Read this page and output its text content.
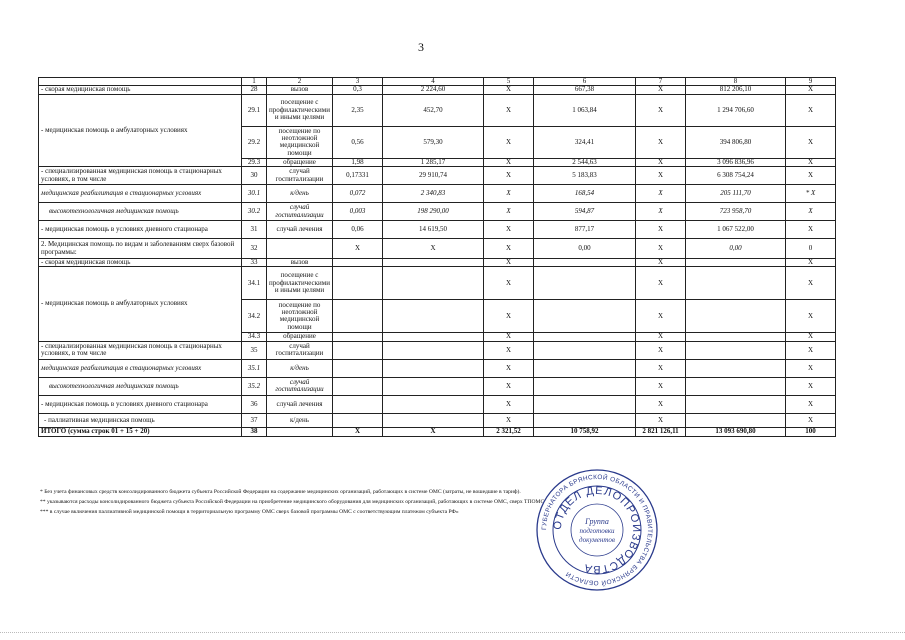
3
	1	2	3	4	5	6	7	8	9
- скорая медицинская помощь	28	вызов	0,3	2 224,60	X	667,38	X	812 206,10	X
- медицинская помощь в амбулаторных условиях	29.1	посещение с профилактическими и иными целями	2,35	452,70	X	1 063,84	X	1 294 706,60	X
	29.2	посещение по неотложной медицинской помощи	0,56	579,30	X	324,41	X	394 806,80	X
	29.3	обращение	1,98	1 285,17	X	2 544,63	X	3 096 836,96	X
- специализированная медицинская помощь в стационарных условиях, в том числе	30	случай госпитализации	0,17331	29 910,74	X	5 183,83	X	6 308 754,24	X
медицинская реабилитация в стационарных условиях	30.1	к/день	0,072	2 340,83	X	168,54	X	205 111,70	* X
высокотехнологичная медицинская помощь	30.2	случай госпитализации	0,003	198 290,00	X	594,87	X	723 958,70	X
- медицинская помощь в условиях дневного стационара	31	случай лечения	0,06	14 619,50	X	877,17	X	1 067 522,00	X
2. Медицинская помощь по видам и заболеваниям сверх базовой программы:	32		X	X	X	0,00	X	0,00	0
- скорая медицинская помощь	33	вызов			X		X		X
- медицинская помощь в амбулаторных условиях	34.1	посещение с профилактическими и иными целями			X		X		X
	34.2	посещение по неотложной медицинской помощи			X		X		X
	34.3	обращение			X		X		X
- специализированная медицинская помощь в стационарных условиях, в том числе	35	случай госпитализации			X		X		X
медицинская реабилитация в стационарных условиях	35.1	к/день			X		X		X
высокотехнологичная медицинская помощь	35.2	случай госпитализации			X		X		X
- медицинская помощь в условиях дневного стационара	36	случай лечения			X		X		X
- паллиативная медицинская помощь	37	к/день			X		X		X
ИТОГО (сумма строк 01 + 15 + 20)	38		X	X	2 321,52	10 758,92	2 821 126,11	13 093 690,80	100
* Без учета финансовых средств консолидированного бюджета субъекта Российской Федерации на содержание медицинских организаций, работающих в системе ОМС (затраты, не вошедшие в тариф).
** указываются расходы консолидированного бюджета субъекта Российской Федерации на приобретение медицинского оборудования для медицинских организаций, работающих в системе ОМС, сверх ТПОМС
*** в случае включения паллиативной медицинской помощи в территориальную программу ОМС сверх базовой программы ОМС с соответствующим платежом субъекта РФ»
ГУБЕРНАТОРА БРЯНСКОЙ ОБЛАСТИ И ПРАВИТЕЛЬСТВА БРЯНСКОЙ ОБЛАСТИ
ОТДЕЛ ДЕЛОПРОИЗВОДСТВА
Группа
подготовки
документов
